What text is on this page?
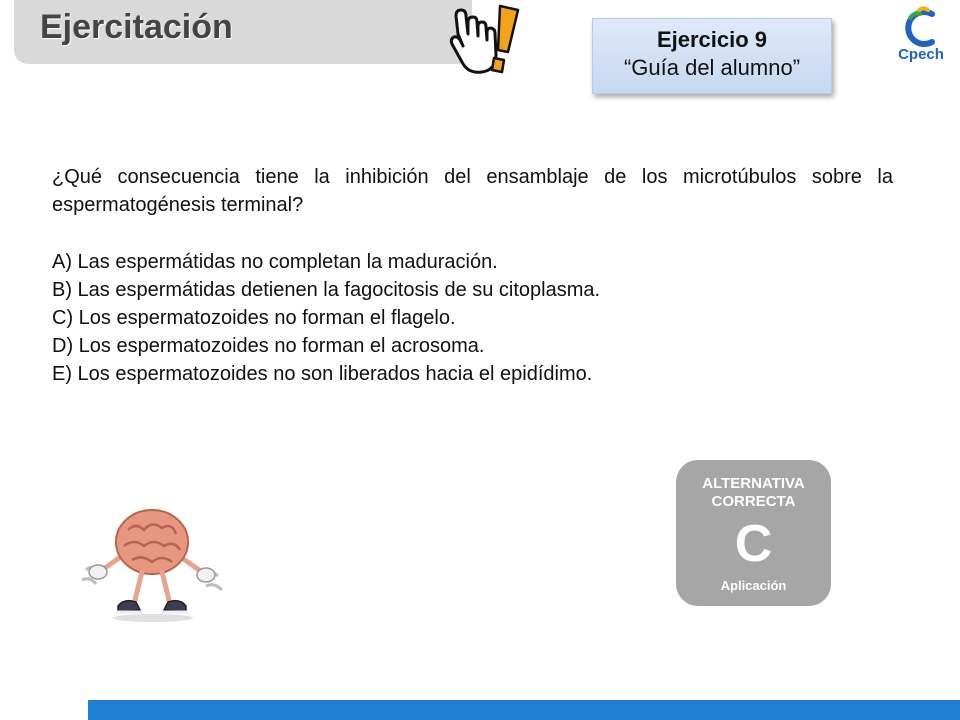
Ejercitación	Ejercicio 9
“Guía del alumno”
Cpech
¿Qué consecuencia tiene la inhibición del ensamblaje de los microtúbulos sobre la espermatogénesis terminal?
A) Las espermátidas no completan la maduración.
B) Las espermátidas detienen la fagocitosis de su citoplasma.
C) Los espermatozoides no forman el flagelo.
D) Los espermatozoides no forman el acrosoma.
E) Los espermatozoides no son liberados hacia el epidídimo.
ALTERNATIVA
CORRECTA
C
Aplicación
